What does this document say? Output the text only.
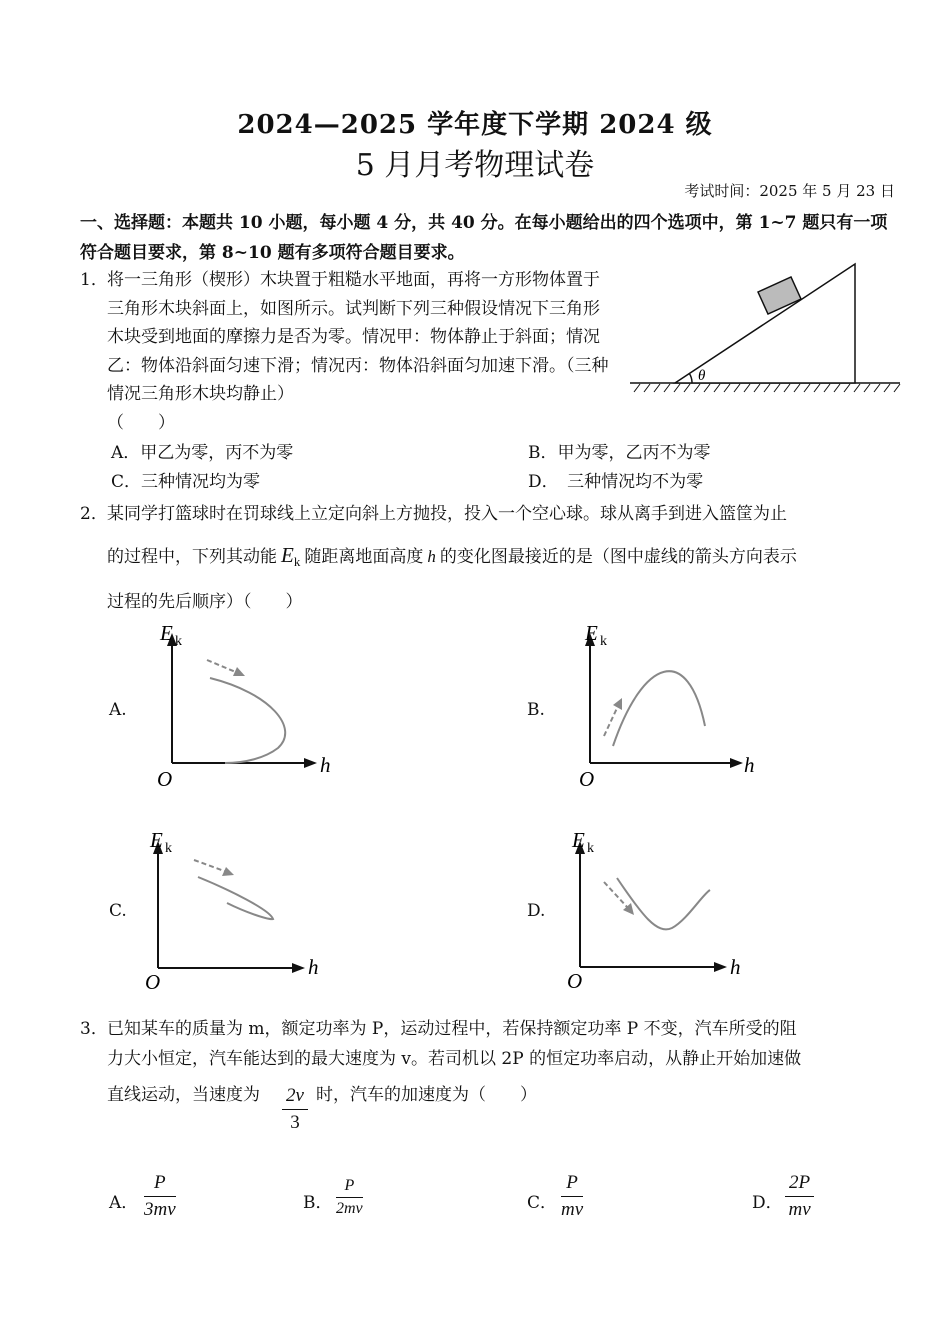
2024—2025 学年度下学期 2024 级
5 月月考物理试卷
考试时间：2025 年 5 月 23 日
一、选择题：本题共 10 小题，每小题 4 分，共 40 分。在每小题给出的四个选项中，第 1~7 题只有一项符合题目要求，第 8~10 题有多项符合题目要求。
1． 将一三角形（楔形）木块置于粗糙水平地面，再将一方形物体置于三角形木块斜面上，如图所示。试判断下列三种假设情况下三角形木块受到地面的摩擦力是否为零。情况甲：物体静止于斜面；情况乙：物体沿斜面匀速下滑；情况丙：物体沿斜面匀加速下滑。（三种情况三角形木块均静止）
（　　）
θ
A．甲乙为零，丙不为零	B．甲为零，乙丙不为零
C．三种情况均为零	D．　三种情况均不为零
2． 某同学打篮球时在罚球线上立定向斜上方抛投，投入一个空心球。球从离手到进入篮筐为止
的过程中，下列其动能 $E_k$ 随距离地面高度 h 的变化图最接近的是（图中虚线的箭头方向表示
过程的先后顺序）（　　）
A.
E k
h
O
B.
E k
h
O
C.
E k
h
O
D.
E k
h
O
3． 已知某车的质量为 m，额定功率为 P，运动过程中，若保持额定功率 P 不变，汽车所受的阻
力大小恒定，汽车能达到的最大速度为 v。若司机以 2P 的恒定功率启动，从静止开始加速做
直线运动，当速度为 $\frac{2v}{3}$ 时，汽车的加速度为（　　）
A． $\frac{P}{3mv}$	B． $\frac{P}{2mv}$	C． $\frac{P}{mv}$	D． $\frac{2P}{mv}$
